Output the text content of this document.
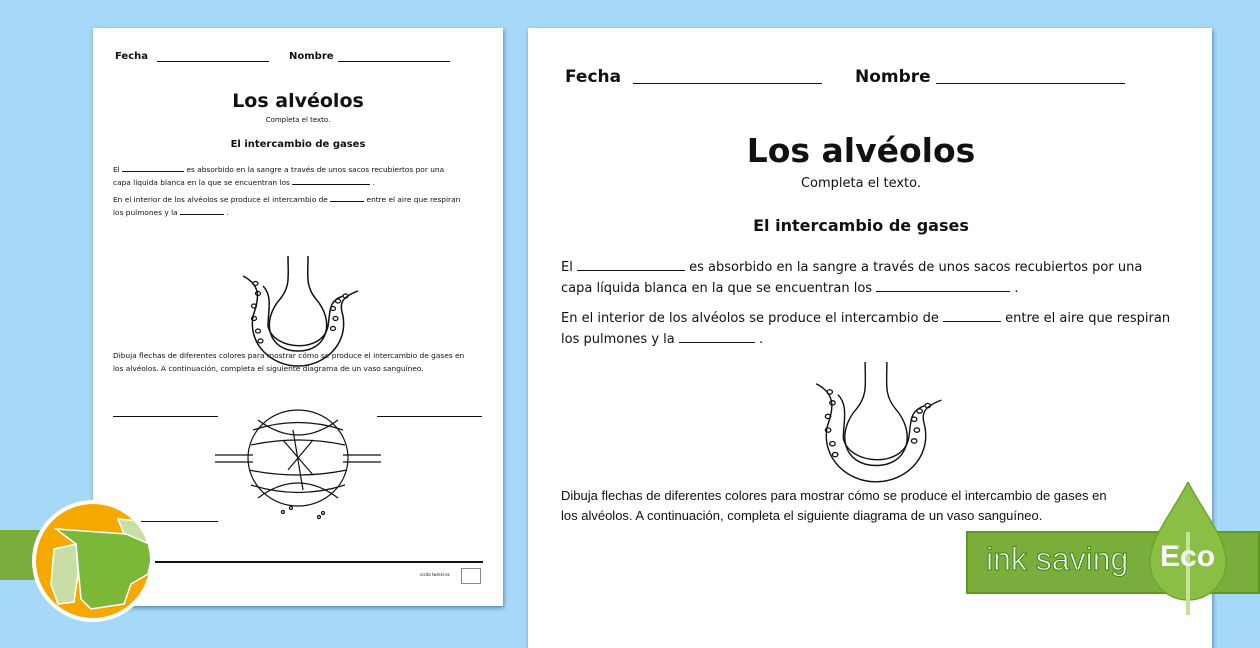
Fecha	Nombre
Los alvéolos
Completa el texto.
El intercambio de gases
El	es absorbido en la sangre a través de unos sacos recubiertos por una
capa líquida blanca en la que se encuentran los	.
En el interior de los alvéolos se produce el intercambio de	entre el aire que respiran
los pulmones y la	.
Dibuja flechas de diferentes colores para mostrar cómo se produce el intercambio de gases en
los alvéolos. A continuación, completa el siguiente diagrama de un vaso sanguíneo.
visita twinkl.es
Fecha	Nombre
Los alvéolos
Completa el texto.
El intercambio de gases
El	es absorbido en la sangre a través de unos sacos recubiertos por una
capa líquida blanca en la que se encuentran los	.
En el interior de los alvéolos se produce el intercambio de	entre el aire que respiran
los pulmones y la	.
Dibuja flechas de diferentes colores para mostrar cómo se produce el intercambio de gases en
los alvéolos. A continuación, completa el siguiente diagrama de un vaso sanguíneo.
ink saving Eco
